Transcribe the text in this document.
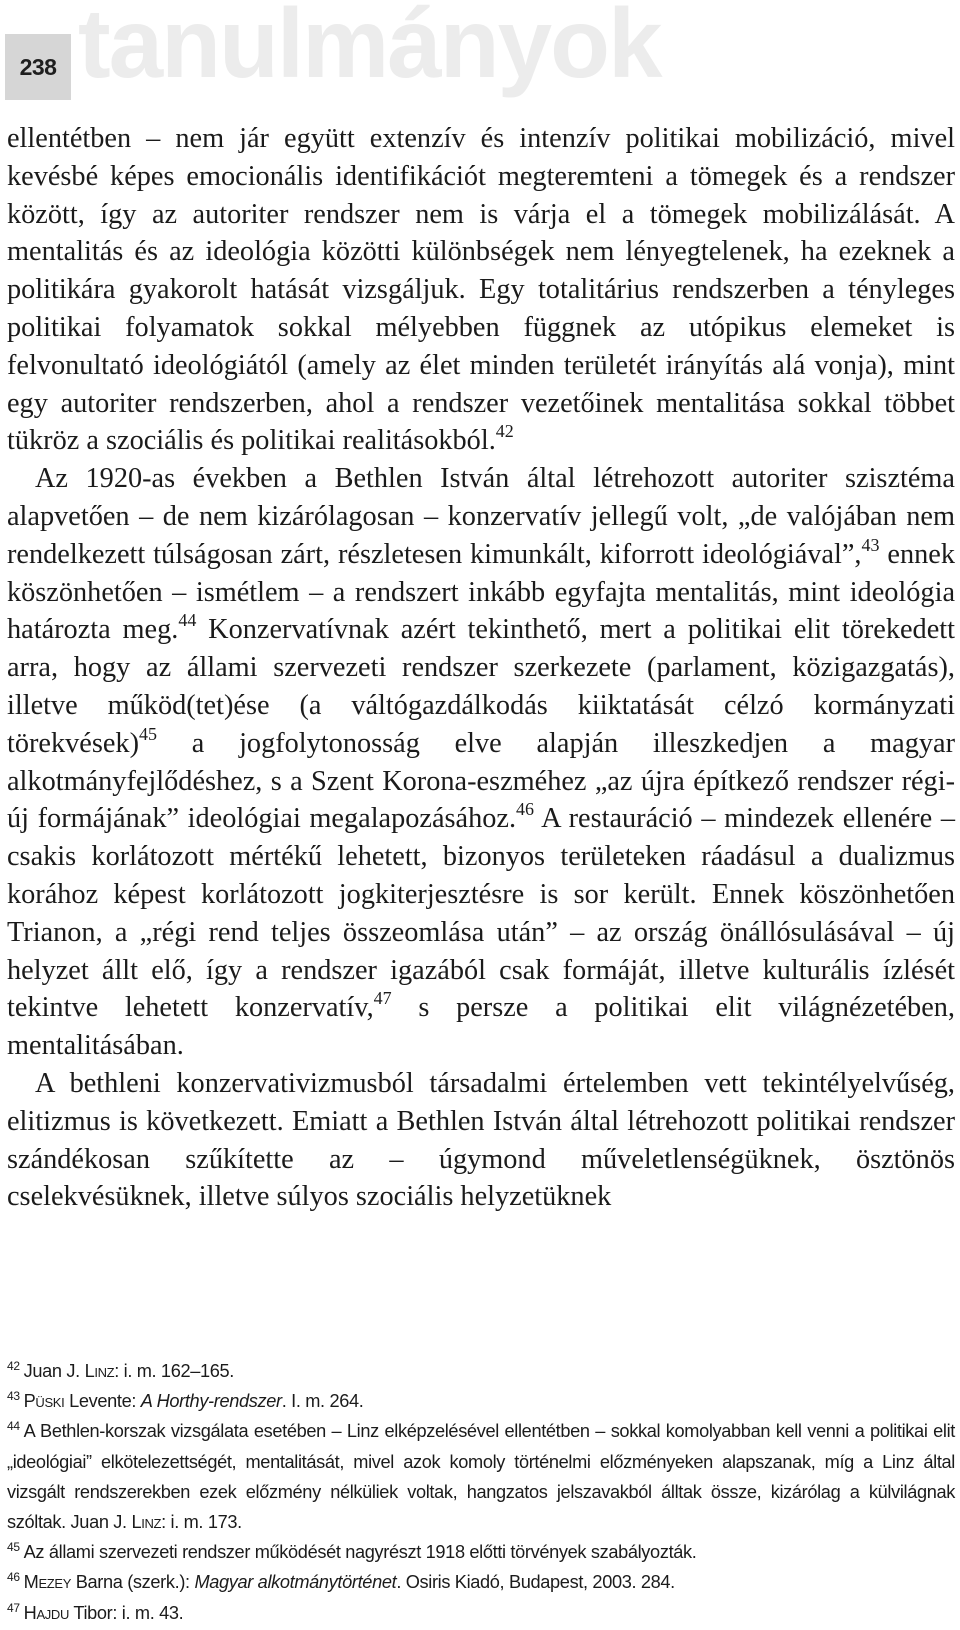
238 tanulmányok

ellentétben – nem jár együtt extenzív és intenzív politikai mobilizáció, mivel kevésbé képes emocionális identifikációt megteremteni a tömegek és a rendszer között, így az autoriter rendszer nem is várja el a tömegek mobilizálását. A mentalitás és az ideológia közötti különbségek nem lényegtelenek, ha ezeknek a politikára gyakorolt hatását vizsgáljuk. Egy totalitárius rendszerben a tényleges politikai folyamatok sokkal mélyebben függnek az utópikus elemeket is felvonultató ideológiától (amely az élet minden területét irányítás alá vonja), mint egy autoriter rendszerben, ahol a rendszer vezetőinek mentalitása sokkal többet tükröz a szociális és politikai realitásokból.$^{42}$

Az 1920-as években a Bethlen István által létrehozott autoriter szisztéma alapvetően – de nem kizárólagosan – konzervatív jellegű volt, „de valójában nem rendelkezett túlságosan zárt, részletesen kimunkált, kiforrott ideológiával”,$^{43}$ ennek köszönhetően – ismétlem – a rendszert inkább egyfajta mentalitás, mint ideológia határozta meg.$^{44}$ Konzervatívnak azért tekinthető, mert a politikai elit törekedett arra, hogy az állami szervezeti rendszer szerkezete (parlament, közigazgatás), illetve működ(tet)ése (a váltógazdálkodás kiiktatását célzó kormányzati törekvések)$^{45}$ a jogfolytonosság elve alapján illeszkedjen a magyar alkotmányfejlődéshez, s a Szent Korona-eszméhez „az újra építkező rendszer régi-új formájának” ideológiai megalapozásához.$^{46}$ A restauráció – mindezek ellenére – csakis korlátozott mértékű lehetett, bizonyos területeken ráadásul a dualizmus korához képest korlátozott jogkiterjesztésre is sor került. Ennek köszönhetően Trianon, a „régi rend teljes összeomlása után” – az ország önállósulásával – új helyzet állt elő, így a rendszer igazából csak formáját, illetve kulturális ízlését tekintve lehetett konzervatív,$^{47}$ s persze a politikai elit világnézetében, mentalitásában.

A bethleni konzervativizmusból társadalmi értelemben vett tekintélyelvűség, elitizmus is következett. Emiatt a Bethlen István által létrehozott politikai rendszer szándékosan szűkítette az – úgymond műveletlenségüknek, ösztönös cselekvésüknek, illetve súlyos szociális helyzetüknek

$^{42}$ Juan J. Linz: i. m. 162–165.

$^{43}$ Püski Levente: A Horthy-rendszer. I. m. 264.

$^{44}$ A Bethlen-korszak vizsgálata esetében – Linz elképzelésével ellentétben – sokkal komolyabban kell venni a politikai elit „ideológiai” elkötelezettségét, mentalitását, mivel azok komoly történelmi előzményeken alapszanak, míg a Linz által vizsgált rendszerekben ezek előzmény nélküliek voltak, hangzatos jelszavakból álltak össze, kizárólag a külvilágnak szóltak. Juan J. Linz: i. m. 173.

$^{45}$ Az állami szervezeti rendszer működését nagyrészt 1918 előtti törvények szabályozták.

$^{46}$ Mezey Barna (szerk.): Magyar alkotmánytörténet. Osiris Kiadó, Budapest, 2003. 284.

$^{47}$ Hajdu Tibor: i. m. 43.
